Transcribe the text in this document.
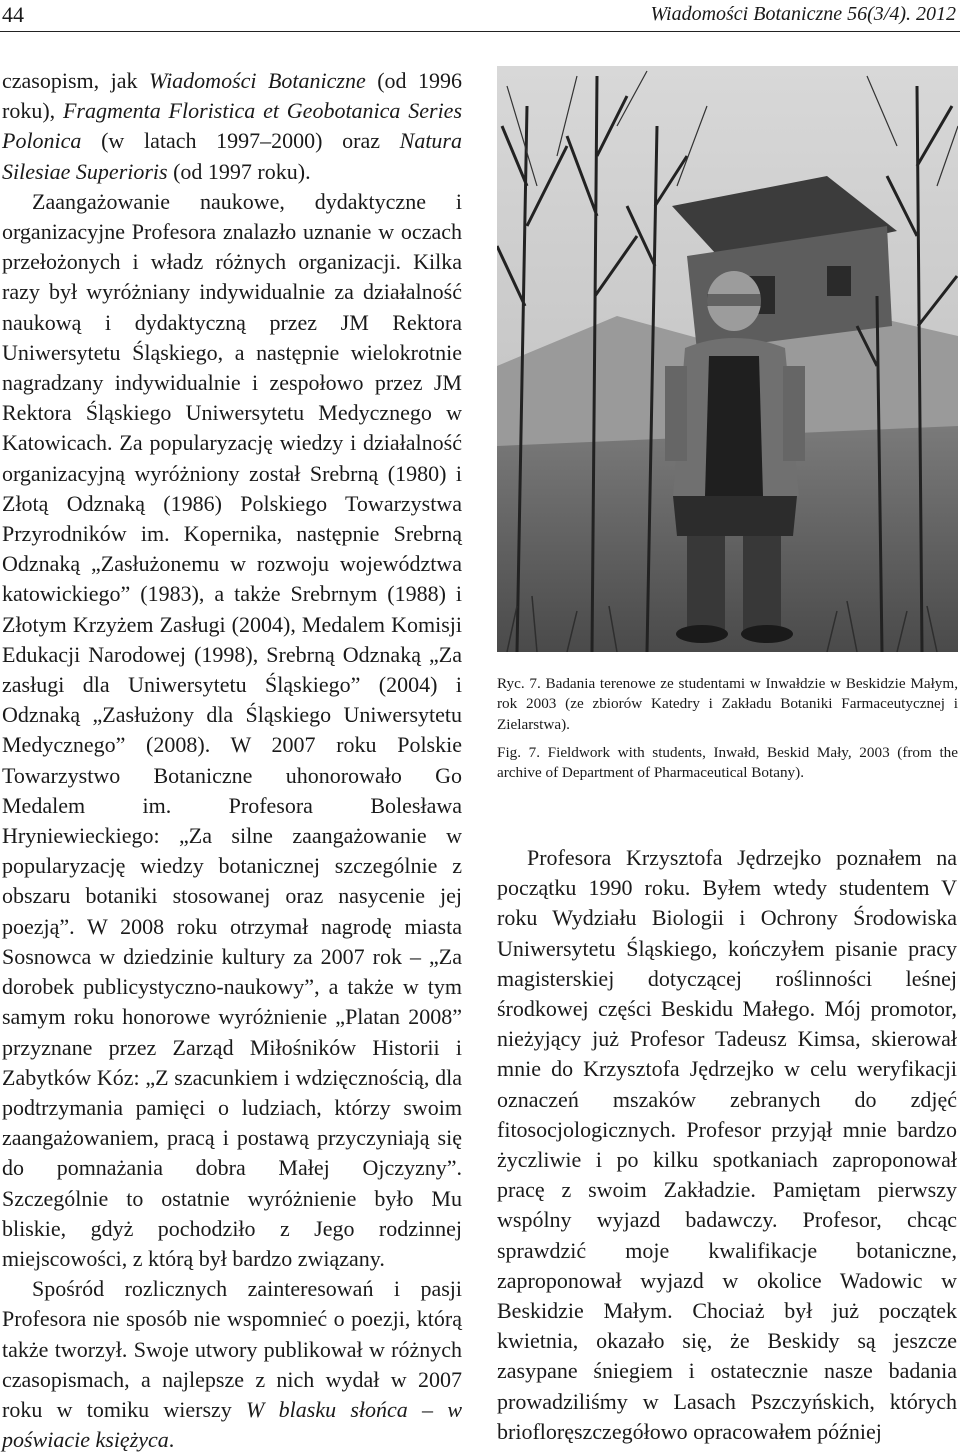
44	Wiadomości Botaniczne 56(3/4). 2012

czasopism, jak Wiadomości Botaniczne (od 1996 roku), Fragmenta Floristica et Geobotanica Series Polonica (w latach 1997–2000) oraz Natura Silesiae Superioris (od 1997 roku).

Zaangażowanie naukowe, dydaktyczne i organizacyjne Profesora znalazło uznanie w oczach przełożonych i władz różnych organizacji. Kilka razy był wyróżniany indywidualnie za działalność naukową i dydaktyczną przez JM Rektora Uniwersytetu Śląskiego, a następnie wielokrotnie nagradzany indywidualnie i zespołowo przez JM Rektora Śląskiego Uniwersytetu Medycznego w Katowicach. Za popularyzację wiedzy i działalność organizacyjną wyróżniony został Srebrną (1980) i Złotą Odznaką (1986) Polskiego Towarzystwa Przyrodników im. Kopernika, następnie Srebrną Odznaką „Zasłużonemu w rozwoju województwa katowickiego” (1983), a także Srebrnym (1988) i Złotym Krzyżem Zasługi (2004), Medalem Komisji Edukacji Narodowej (1998), Srebrną Odznaką „Za zasługi dla Uniwersytetu Śląskiego” (2004) i Odznaką „Zasłużony dla Śląskiego Uniwersytetu Medycznego” (2008). W 2007 roku Polskie Towarzystwo Botaniczne uhonorowało Go Medalem im. Profesora Bolesława Hryniewieckiego: „Za silne zaangażowanie w popularyzację wiedzy botanicznej szczególnie z obszaru botaniki stosowanej oraz nasycenie jej poezją”. W 2008 roku otrzymał nagrodę miasta Sosnowca w dziedzinie kultury za 2007 rok – „Za dorobek publicystyczno-naukowy”, a także w tym samym roku honorowe wyróżnienie „Platan 2008” przyznane przez Zarząd Miłośników Historii i Zabytków Kóz: „Z szacunkiem i wdzięcznością, dla podtrzymania pamięci o ludziach, którzy swoim zaangażowaniem, pracą i postawą przyczyniają się do pomnażania dobra Małej Ojczyzny”. Szczególnie to ostatnie wyróżnienie było Mu bliskie, gdyż pochodziło z Jego rodzinnej miejscowości, z którą był bardzo związany.

Spośród rozlicznych zainteresowań i pasji Profesora nie sposób nie wspomnieć o poezji, którą także tworzył. Swoje utwory publikował w różnych czasopismach, a najlepsze z nich wydał w 2007 roku w tomiku wierszy W blasku słońca – w poświacie księżyca.

Ryc. 7. Badania terenowe ze studentami w Inwałdzie w Beskidzie Małym, rok 2003 (ze zbiorów Katedry i Zakładu Botaniki Farmaceutycznej i Zielarstwa).
Fig. 7. Fieldwork with students, Inwałd, Beskid Mały, 2003 (from the archive of Department of Pharmaceutical Botany).

Profesora Krzysztofa Jędrzejko poznałem na początku 1990 roku. Byłem wtedy studentem V roku Wydziału Biologii i Ochrony Środowiska Uniwersytetu Śląskiego, kończyłem pisanie pracy magisterskiej dotyczącej roślinności leśnej środkowej części Beskidu Małego. Mój promotor, nieżyjący już Profesor Tadeusz Kimsa, skierował mnie do Krzysztofa Jędrzejko w celu weryfikacji oznaczeń mszaków zebranych do zdjęć fitosocjologicznych. Profesor przyjął mnie bardzo życzliwie i po kilku spotkaniach zaproponował pracę z swoim Zakładzie. Pamiętam pierwszy wspólny wyjazd badawczy. Profesor, chcąc sprawdzić moje kwalifikacje botaniczne, zaproponował wyjazd w okolice Wadowic w Beskidzie Małym. Chociaż był już początek kwietnia, okazało się, że Beskidy są jeszcze zasypane śniegiem i ostatecznie nasze badania prowadziliśmy w Lasach Pszczyńskich, których briofloręszczegółowo opracowałem później
